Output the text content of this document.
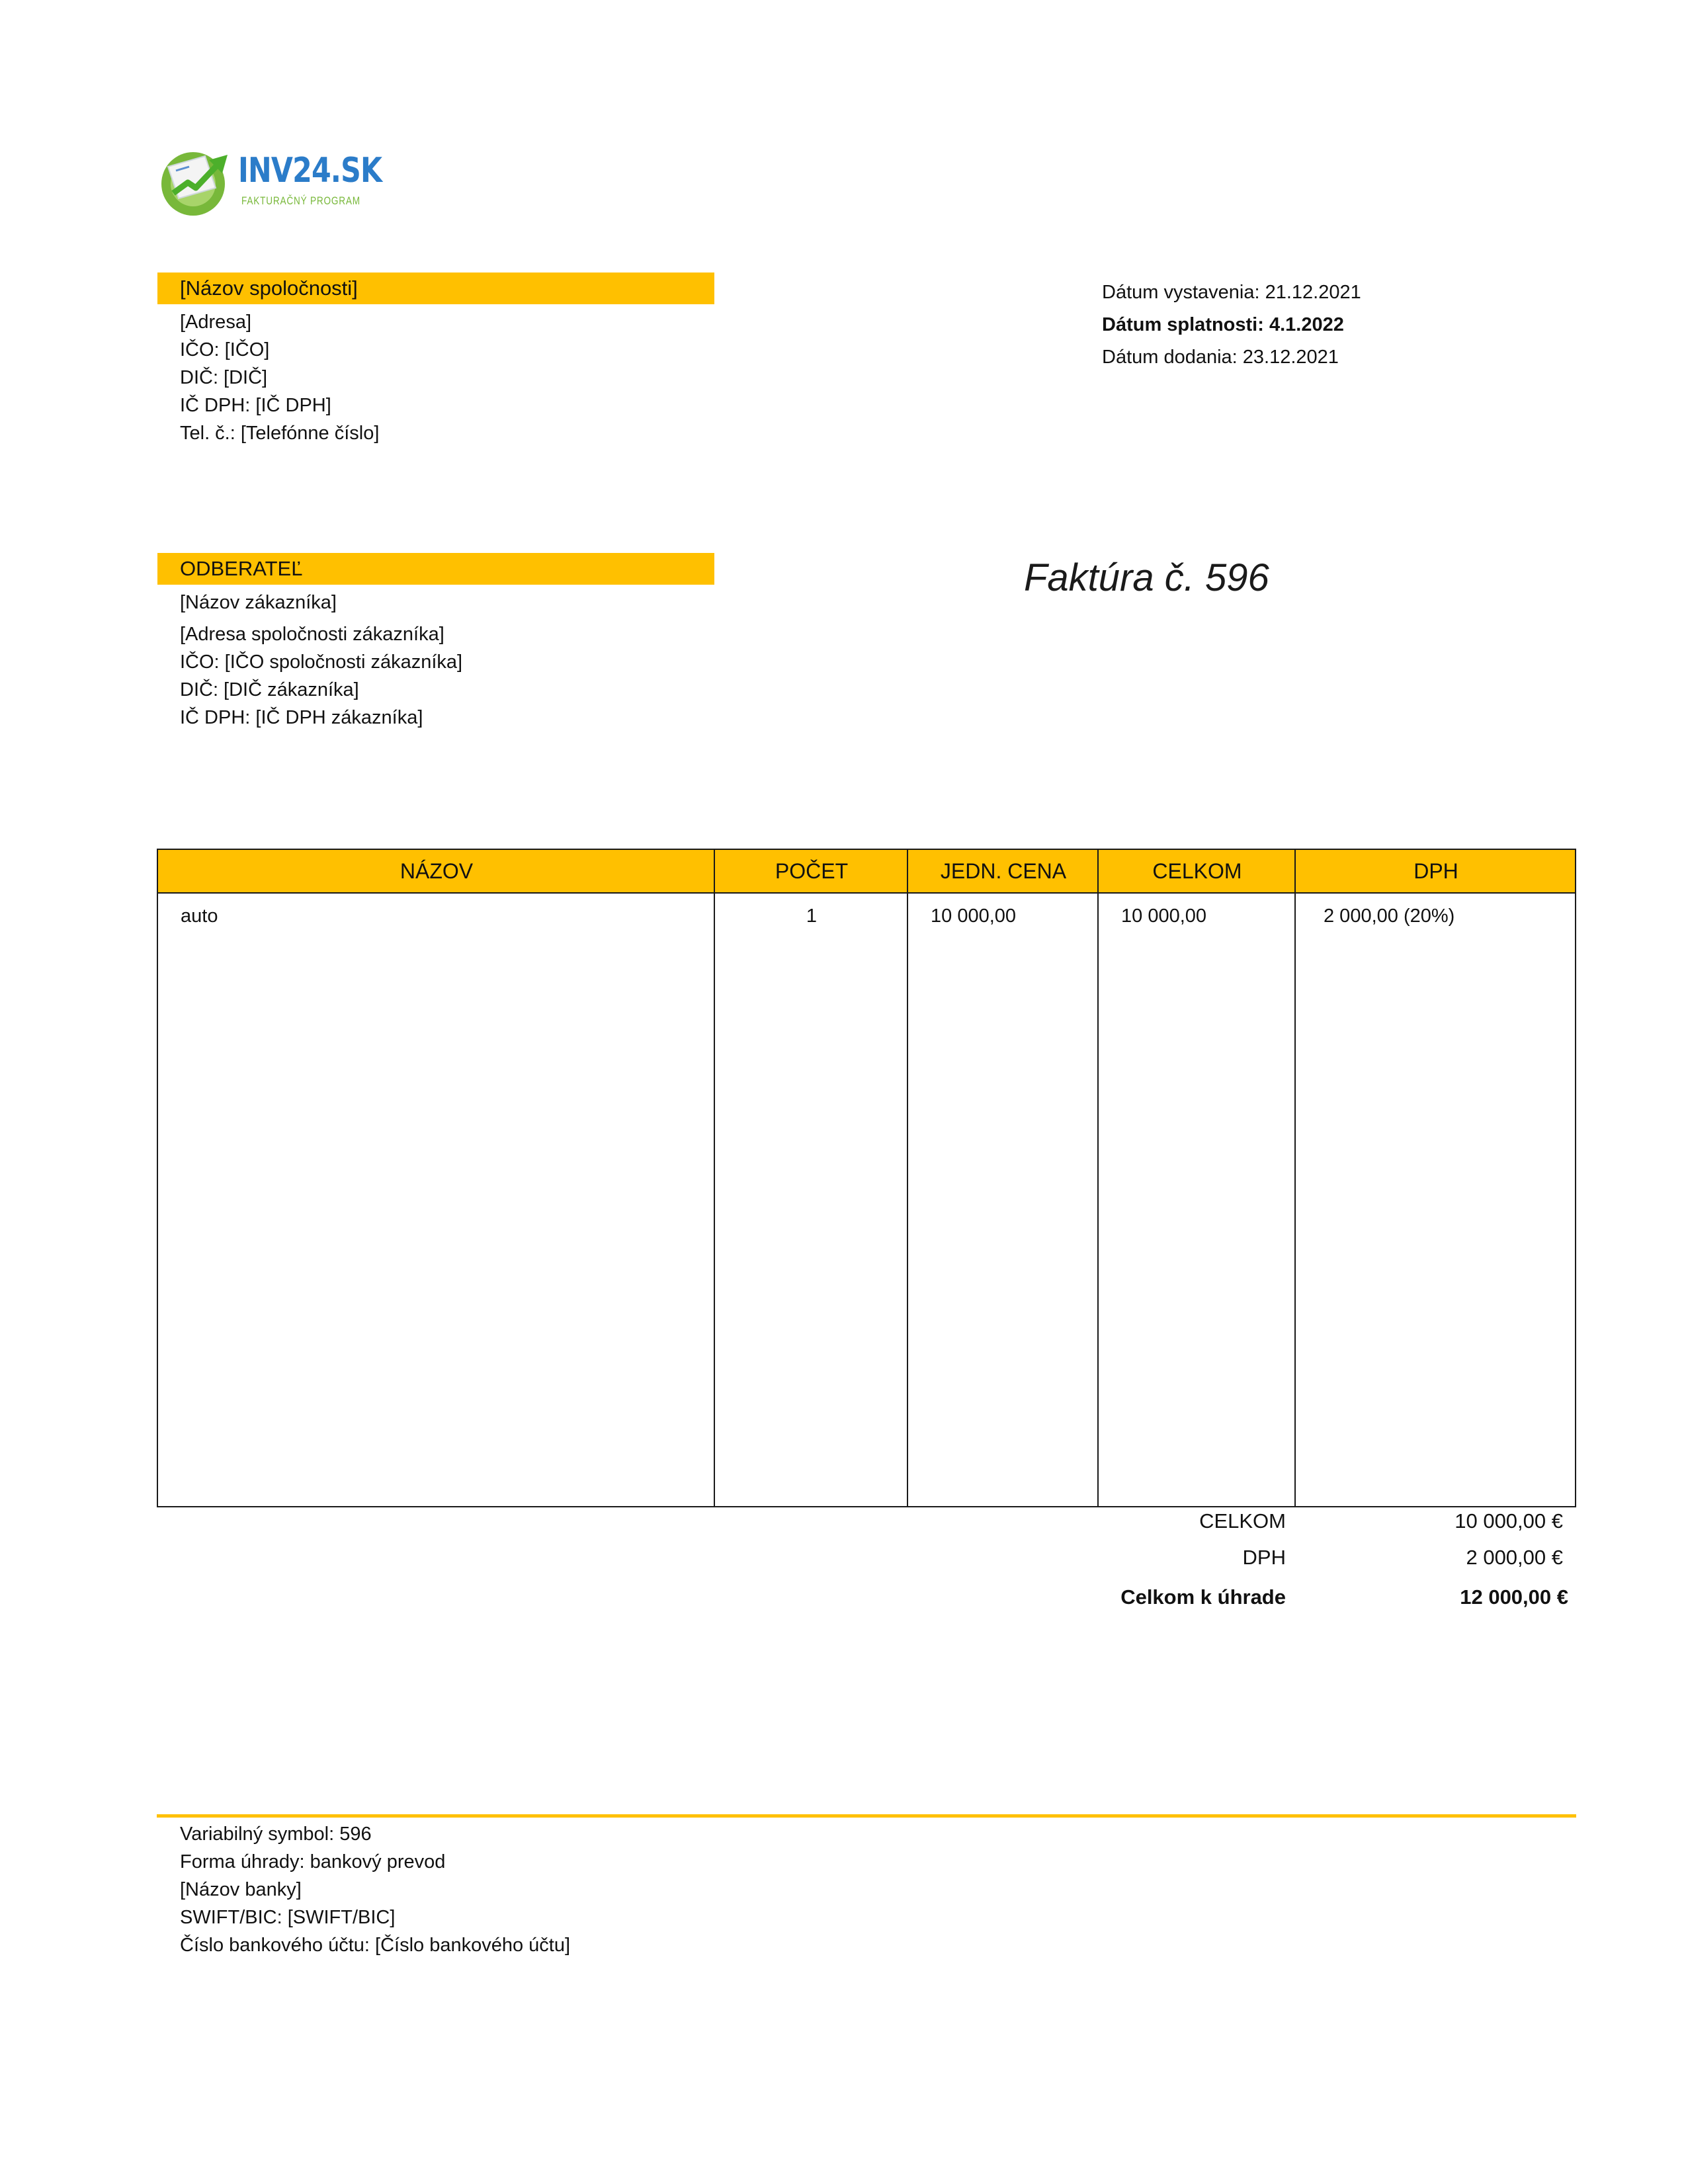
INV24.SK
FAKTURAČNÝ PROGRAM
[Názov spoločnosti]
[Adresa]
IČO: [IČO]
DIČ: [DIČ]
IČ DPH: [IČ DPH]
Tel. č.: [Telefónne číslo]
Dátum vystavenia: 21.12.2021
Dátum splatnosti: 4.1.2022
Dátum dodania: 23.12.2021
ODBERATEĽ
[Názov zákazníka]
[Adresa spoločnosti zákazníka]
IČO: [IČO spoločnosti zákazníka]
DIČ: [DIČ zákazníka]
IČ DPH: [IČ DPH zákazníka]
Faktúra č. 596
NÁZOV	POČET	JEDN. CENA	CELKOM	DPH
auto	1	10 000,00	10 000,00	2 000,00 (20%)
CELKOM	10 000,00 €
DPH	2 000,00 €
Celkom k úhrade	12 000,00 €
Variabilný symbol: 596
Forma úhrady: bankový prevod
[Názov banky]
SWIFT/BIC: [SWIFT/BIC]
Číslo bankového účtu: [Číslo bankového účtu]
